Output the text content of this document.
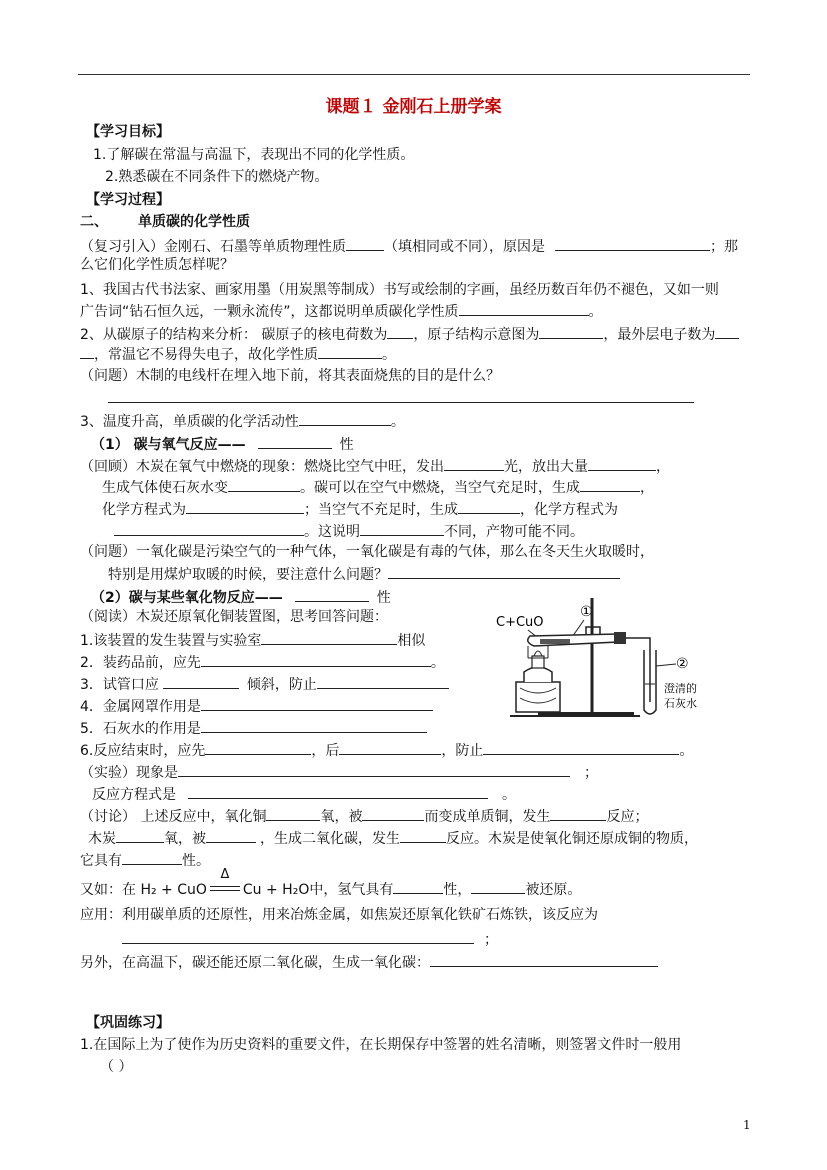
课题１ 金刚石上册学案
【学习目标】
1.了解碳在常温与高温下，表现出不同的化学性质。
2.熟悉碳在不同条件下的燃烧产物。
【学习过程】
二、 单质碳的化学性质
（复习引入）金刚石、石墨等单质物理性质	（填相同或不同），原因是	；那
么它们化学性质怎样呢？
1、我国古代书法家、画家用墨（用炭黑等制成）书写或绘制的字画，虽经历数百年仍不褪色，又如一则
广告词“钻石恒久远，一颗永流传”，这都说明单质碳化学性质	。
2、从碳原子的结构来分析： 碳原子的核电荷数为 ，原子结构示意图为	，最外层电子数为
，常温它不易得失电子，故化学性质	。
（问题）木制的电线杆在埋入地下前，将其表面烧焦的目的是什么？
3、温度升高，单质碳的化学活动性	。
（1） 碳与氧气反应——	性
（回顾）木炭在氧气中燃烧的现象：燃烧比空气中旺，发出	光，放出大量	，
生成气体使石灰水变	。碳可以在空气中燃烧，当空气充足时，生成	，
化学方程式为	；当空气不充足时，生成	，化学方程式为
。这说明	不同，产物可能不同。
（问题）一氧化碳是污染空气的一种气体，一氧化碳是有毒的气体，那么在冬天生火取暖时，
特别是用煤炉取暖的时候，要注意什么问题？
（2）碳与某些氧化物反应——	性
（阅读）木炭还原氧化铜装置图，思考回答问题：
1.该装置的发生装置与实验室	相似
2．装药品前，应先	。
3．试管口应	倾斜，防止
4．金属网罩作用是
5．石灰水的作用是
6.反应结束时，应先	，后	，防止	。
（实验）现象是	；
反应方程式是	。
（讨论） 上述反应中，氧化铜	氧，被	而变成单质铜，发生	反应；
木炭	氧，被	，生成二氧化碳，发生	反应。木炭是使氧化铜还原成铜的物质，
它具有	性。
又如：在 H₂ + CuO
Δ
Cu + H₂O中，氢气具有	性，	被还原。
应用：利用碳单质的还原性，用来冶炼金属，如焦炭还原氧化铁矿石炼铁，该反应为
；
另外，在高温下，碳还能还原二氧化碳，生成一氧化碳：
【巩固练习】
1.在国际上为了使作为历史资料的重要文件，在长期保存中签署的姓名清晰，则签署文件时一般用
（ ）
C+CuO
①
②
澄清的
石灰水
1
